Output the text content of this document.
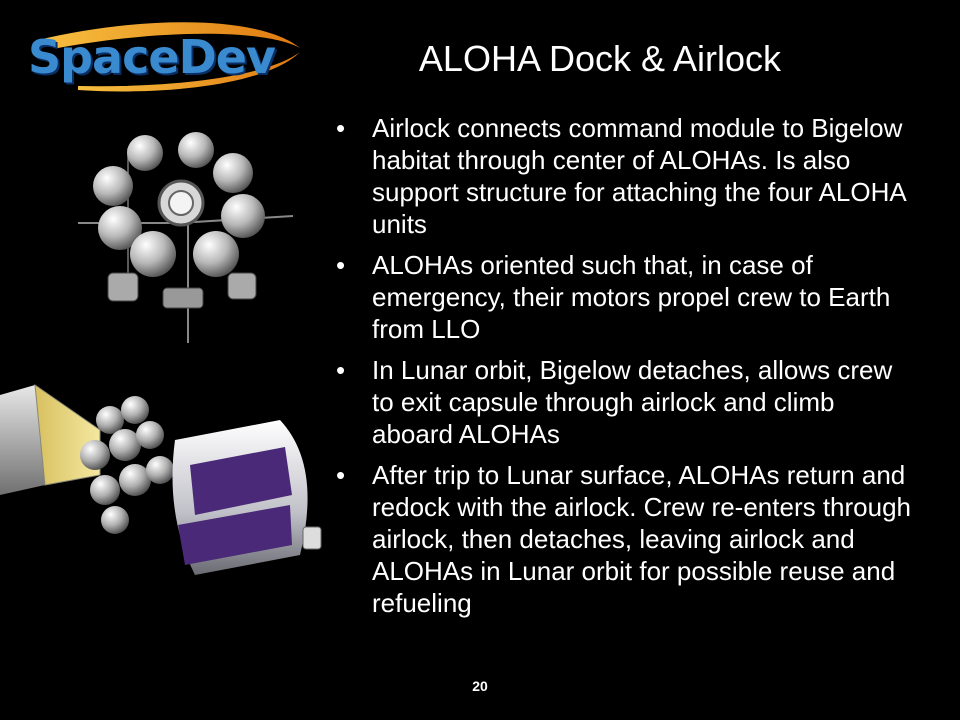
SpaceDev	ALOHA Dock & Airlock
• Airlock connects command module to Bigelow habitat through center of ALOHAs. Is also support structure for attaching the four ALOHA units
• ALOHAs oriented such that, in case of emergency, their motors propel crew to Earth from LLO
• In Lunar orbit, Bigelow detaches, allows crew to exit capsule through airlock and climb aboard ALOHAs
• After trip to Lunar surface, ALOHAs return and redock with the airlock. Crew re-enters through airlock, then detaches, leaving airlock and ALOHAs in Lunar orbit for possible reuse and refueling
20
